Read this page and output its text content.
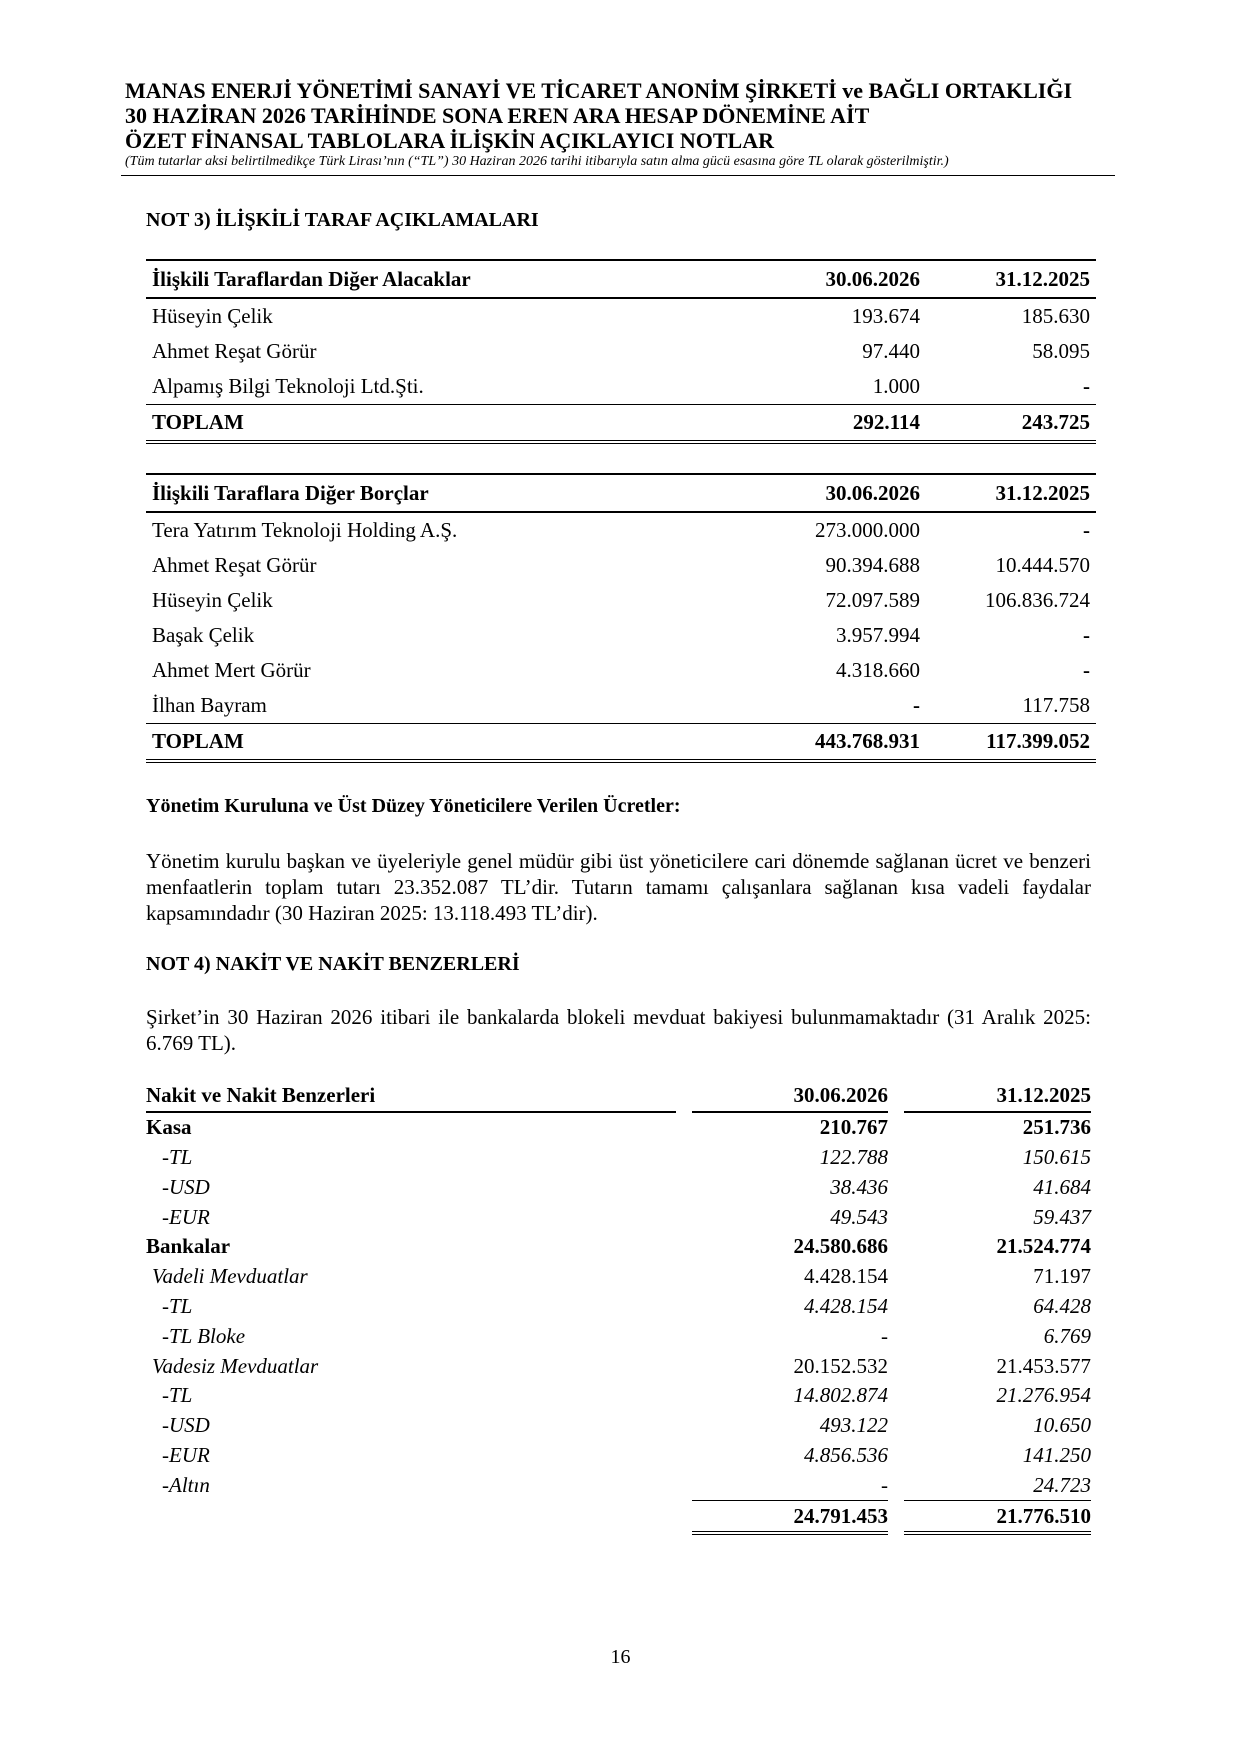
MANAS ENERJİ YÖNETİMİ SANAYİ VE TİCARET ANONİM ŞİRKETİ ve BAĞLI ORTAKLIĞI
30 HAZİRAN 2026 TARİHİNDE SONA EREN ARA HESAP DÖNEMİNE AİT
ÖZET FİNANSAL TABLOLARA İLİŞKİN AÇIKLAYICI NOTLAR
(Tüm tutarlar aksi belirtilmedikçe Türk Lirası’nın (“TL”) 30 Haziran 2026 tarihi itibarıyla satın alma gücü esasına göre TL olarak gösterilmiştir.)
NOT 3) İLİŞKİLİ TARAF AÇIKLAMALARI
İlişkili Taraflardan Diğer Alacaklar	30.06.2026	31.12.2025
Hüseyin Çelik	193.674	185.630
Ahmet Reşat Görür	97.440	58.095
Alpamış Bilgi Teknoloji Ltd.Şti.	1.000	-
TOPLAM	292.114	243.725
İlişkili Taraflara Diğer Borçlar	30.06.2026	31.12.2025
Tera Yatırım Teknoloji Holding A.Ş.	273.000.000	-
Ahmet Reşat Görür	90.394.688	10.444.570
Hüseyin Çelik	72.097.589	106.836.724
Başak Çelik	3.957.994	-
Ahmet Mert Görür	4.318.660	-
İlhan Bayram	-	117.758
TOPLAM	443.768.931	117.399.052
Yönetim Kuruluna ve Üst Düzey Yöneticilere Verilen Ücretler:
Yönetim kurulu başkan ve üyeleriyle genel müdür gibi üst yöneticilere cari dönemde sağlanan ücret ve benzeri menfaatlerin toplam tutarı 23.352.087 TL’dir. Tutarın tamamı çalışanlara sağlanan kısa vadeli faydalar kapsamındadır (30 Haziran 2025: 13.118.493 TL’dir).
NOT 4) NAKİT VE NAKİT BENZERLERİ
Şirket’in 30 Haziran 2026 itibari ile bankalarda blokeli mevduat bakiyesi bulunmamaktadır (31 Aralık 2025: 6.769 TL).
Nakit ve Nakit Benzerleri		30.06.2026		31.12.2025
Kasa		210.767		251.736
-TL		122.788		150.615
-USD		38.436		41.684
-EUR		49.543		59.437
Bankalar		24.580.686		21.524.774
Vadeli Mevduatlar		4.428.154		71.197
-TL		4.428.154		64.428
-TL Bloke		-		6.769
Vadesiz Mevduatlar		20.152.532		21.453.577
-TL		14.802.874		21.276.954
-USD		493.122		10.650
-EUR		4.856.536		141.250
-Altın		-		24.723
		24.791.453		21.776.510
16
